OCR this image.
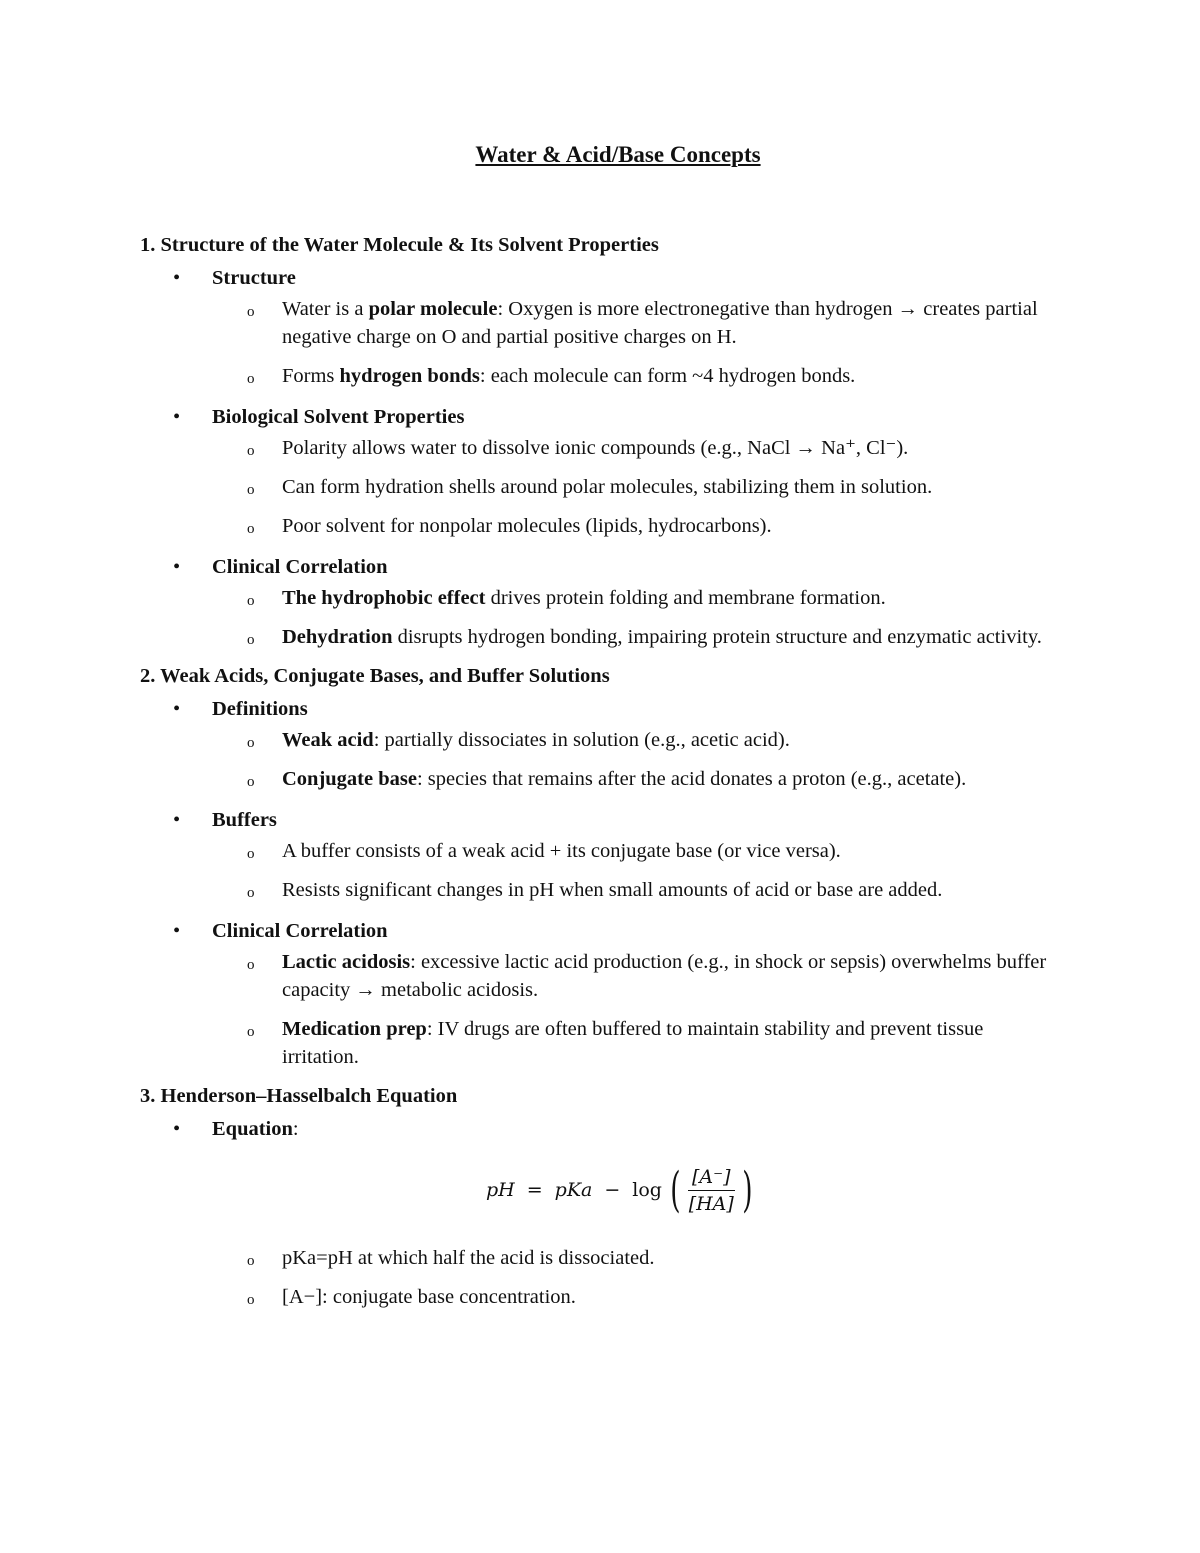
Water & Acid/Base Concepts
1. Structure of the Water Molecule & Its Solvent Properties
• Structure
o Water is a polar molecule: Oxygen is more electronegative than hydrogen → creates partial negative charge on O and partial positive charges on H.
o Forms hydrogen bonds: each molecule can form ~4 hydrogen bonds.
• Biological Solvent Properties
o Polarity allows water to dissolve ionic compounds (e.g., NaCl → Na⁺, Cl⁻).
o Can form hydration shells around polar molecules, stabilizing them in solution.
o Poor solvent for nonpolar molecules (lipids, hydrocarbons).
• Clinical Correlation
o The hydrophobic effect drives protein folding and membrane formation.
o Dehydration disrupts hydrogen bonding, impairing protein structure and enzymatic activity.
2. Weak Acids, Conjugate Bases, and Buffer Solutions
• Definitions
o Weak acid: partially dissociates in solution (e.g., acetic acid).
o Conjugate base: species that remains after the acid donates a proton (e.g., acetate).
• Buffers
o A buffer consists of a weak acid + its conjugate base (or vice versa).
o Resists significant changes in pH when small amounts of acid or base are added.
• Clinical Correlation
o Lactic acidosis: excessive lactic acid production (e.g., in shock or sepsis) overwhelms buffer capacity → metabolic acidosis.
o Medication prep: IV drugs are often buffered to maintain stability and prevent tissue irritation.
3. Henderson–Hasselbalch Equation
• Equation:
pH = pKa − log ( $\frac{[A^-]}{[HA]}$ )
o pKa=pH at which half the acid is dissociated.
o [A−]: conjugate base concentration.
